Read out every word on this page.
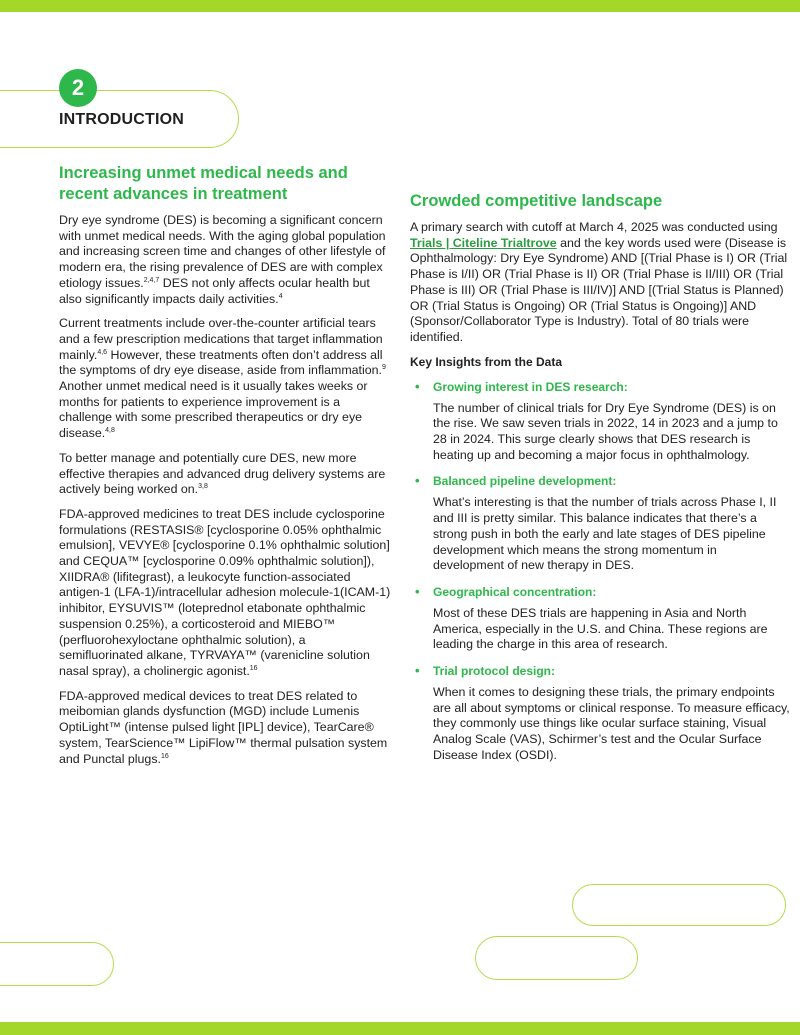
2
INTRODUCTION
Increasing unmet medical needs and recent advances in treatment

Dry eye syndrome (DES) is becoming a significant concern with unmet medical needs. With the aging global population and increasing screen time and changes of other lifestyle of modern era, the rising prevalence of DES are with complex etiology issues.$^{2,4,7}$ DES not only affects ocular health but also significantly impacts daily activities.$^4$

Current treatments include over-the-counter artificial tears and a few prescription medications that target inflammation mainly.$^{4,6}$ However, these treatments often don’t address all the symptoms of dry eye disease, aside from inflammation.$^9$ Another unmet medical need is it usually takes weeks or months for patients to experience improvement is a challenge with some prescribed therapeutics or dry eye disease.$^{4,8}$

To better manage and potentially cure DES, new more effective therapies and advanced drug delivery systems are actively being worked on.$^{3,8}$

FDA-approved medicines to treat DES include cyclosporine formulations (RESTASIS® [cyclosporine 0.05% ophthalmic emulsion], VEVYE® [cyclosporine 0.1% ophthalmic solution] and CEQUA™ [cyclosporine 0.09% ophthalmic solution]), XIIDRA® (lifitegrast), a leukocyte function-associated antigen-1 (LFA-1)/intracellular adhesion molecule-1(ICAM-1) inhibitor, EYSUVIS™ (loteprednol etabonate ophthalmic suspension 0.25%), a corticosteroid and MIEBO™ (perfluorohexyloctane ophthalmic solution), a semifluorinated alkane, TYRVAYA™ (varenicline solution nasal spray), a cholinergic agonist.$^{16}$

FDA-approved medical devices to treat DES related to meibomian glands dysfunction (MGD) include Lumenis OptiLight™ (intense pulsed light [IPL] device), TearCare® system, TearScience™ LipiFlow™ thermal pulsation system and Punctal plugs.$^{16}$

Crowded competitive landscape

A primary search with cutoff at March 4, 2025 was conducted using Trials | Citeline Trialtrove and the key words used were (Disease is Ophthalmology: Dry Eye Syndrome) AND [(Trial Phase is I) OR (Trial Phase is I/II) OR (Trial Phase is II) OR (Trial Phase is II/III) OR (Trial Phase is III) OR (Trial Phase is III/IV)] AND [(Trial Status is Planned) OR (Trial Status is Ongoing) OR (Trial Status is Ongoing)] AND (Sponsor/Collaborator Type is Industry). Total of 80 trials were identified.

Key Insights from the Data
• Growing interest in DES research:

The number of clinical trials for Dry Eye Syndrome (DES) is on the rise. We saw seven trials in 2022, 14 in 2023 and a jump to 28 in 2024. This surge clearly shows that DES research is heating up and becoming a major focus in ophthalmology.

• Balanced pipeline development:

What’s interesting is that the number of trials across Phase I, II and III is pretty similar. This balance indicates that there’s a strong push in both the early and late stages of DES pipeline development which means the strong momentum in development of new therapy in DES.

• Geographical concentration:

Most of these DES trials are happening in Asia and North America, especially in the U.S. and China. These regions are leading the charge in this area of research.

• Trial protocol design:

When it comes to designing these trials, the primary endpoints are all about symptoms or clinical response. To measure efficacy, they commonly use things like ocular surface staining, Visual Analog Scale (VAS), Schirmer’s test and the Ocular Surface Disease Index (OSDI).
